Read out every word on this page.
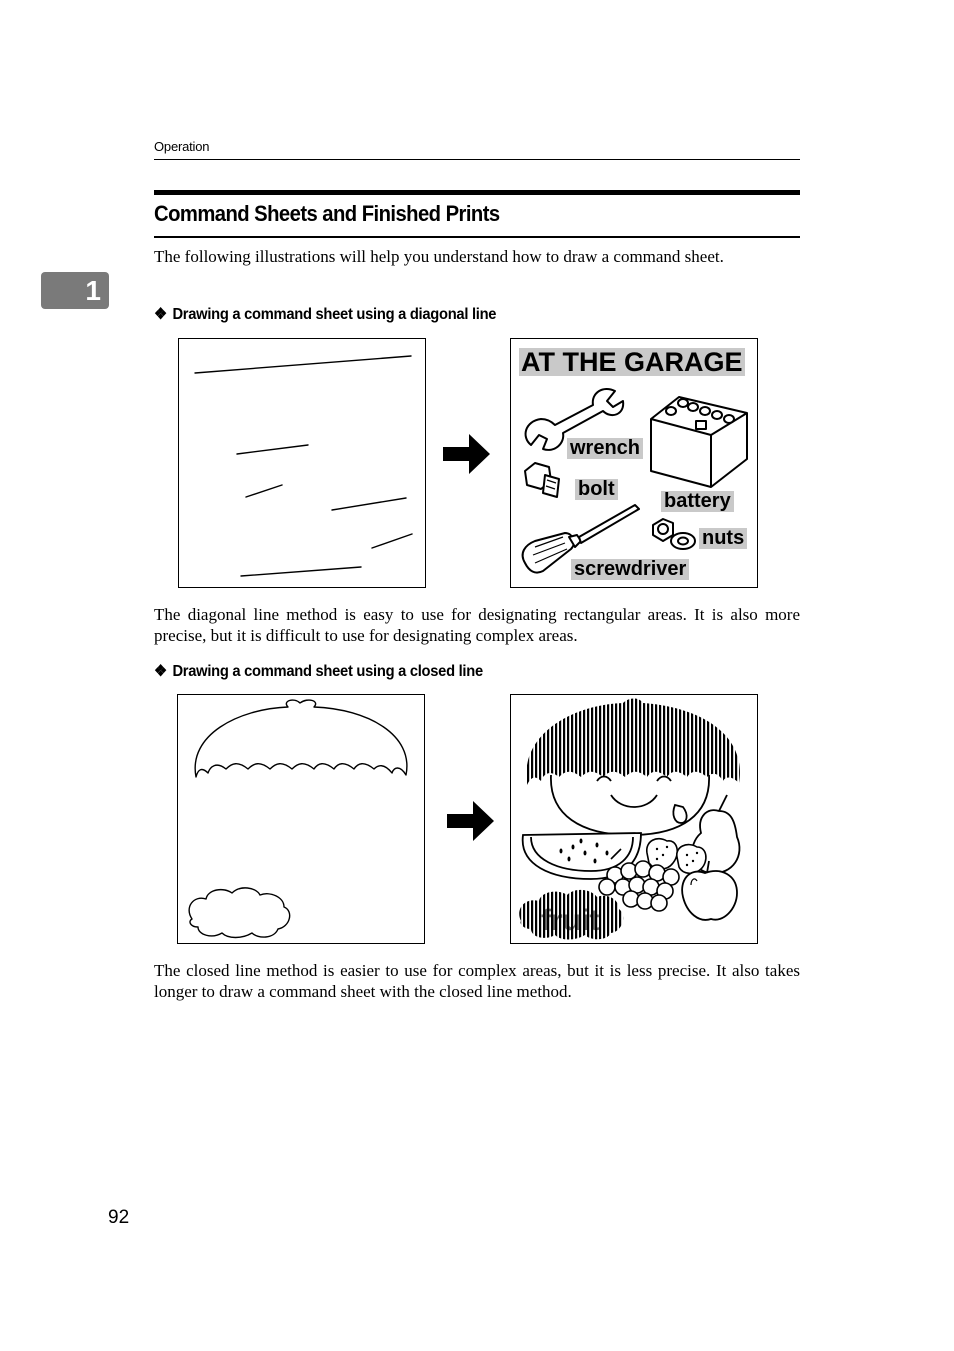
Operation
Command Sheets and Finished Prints
1
The following illustrations will help you understand how to draw a command sheet.
❖ Drawing a command sheet using a diagonal line
AT THE GARAGE
wrench
bolt
battery
nuts
screwdriver
The diagonal line method is easy to use for designating rectangular areas. It is also more precise, but it is difficult to use for designating complex areas.
❖ Drawing a command sheet using a closed line
fruit
The closed line method is easier to use for complex areas, but it is less precise. It also takes longer to draw a command sheet with the closed line method.
92
